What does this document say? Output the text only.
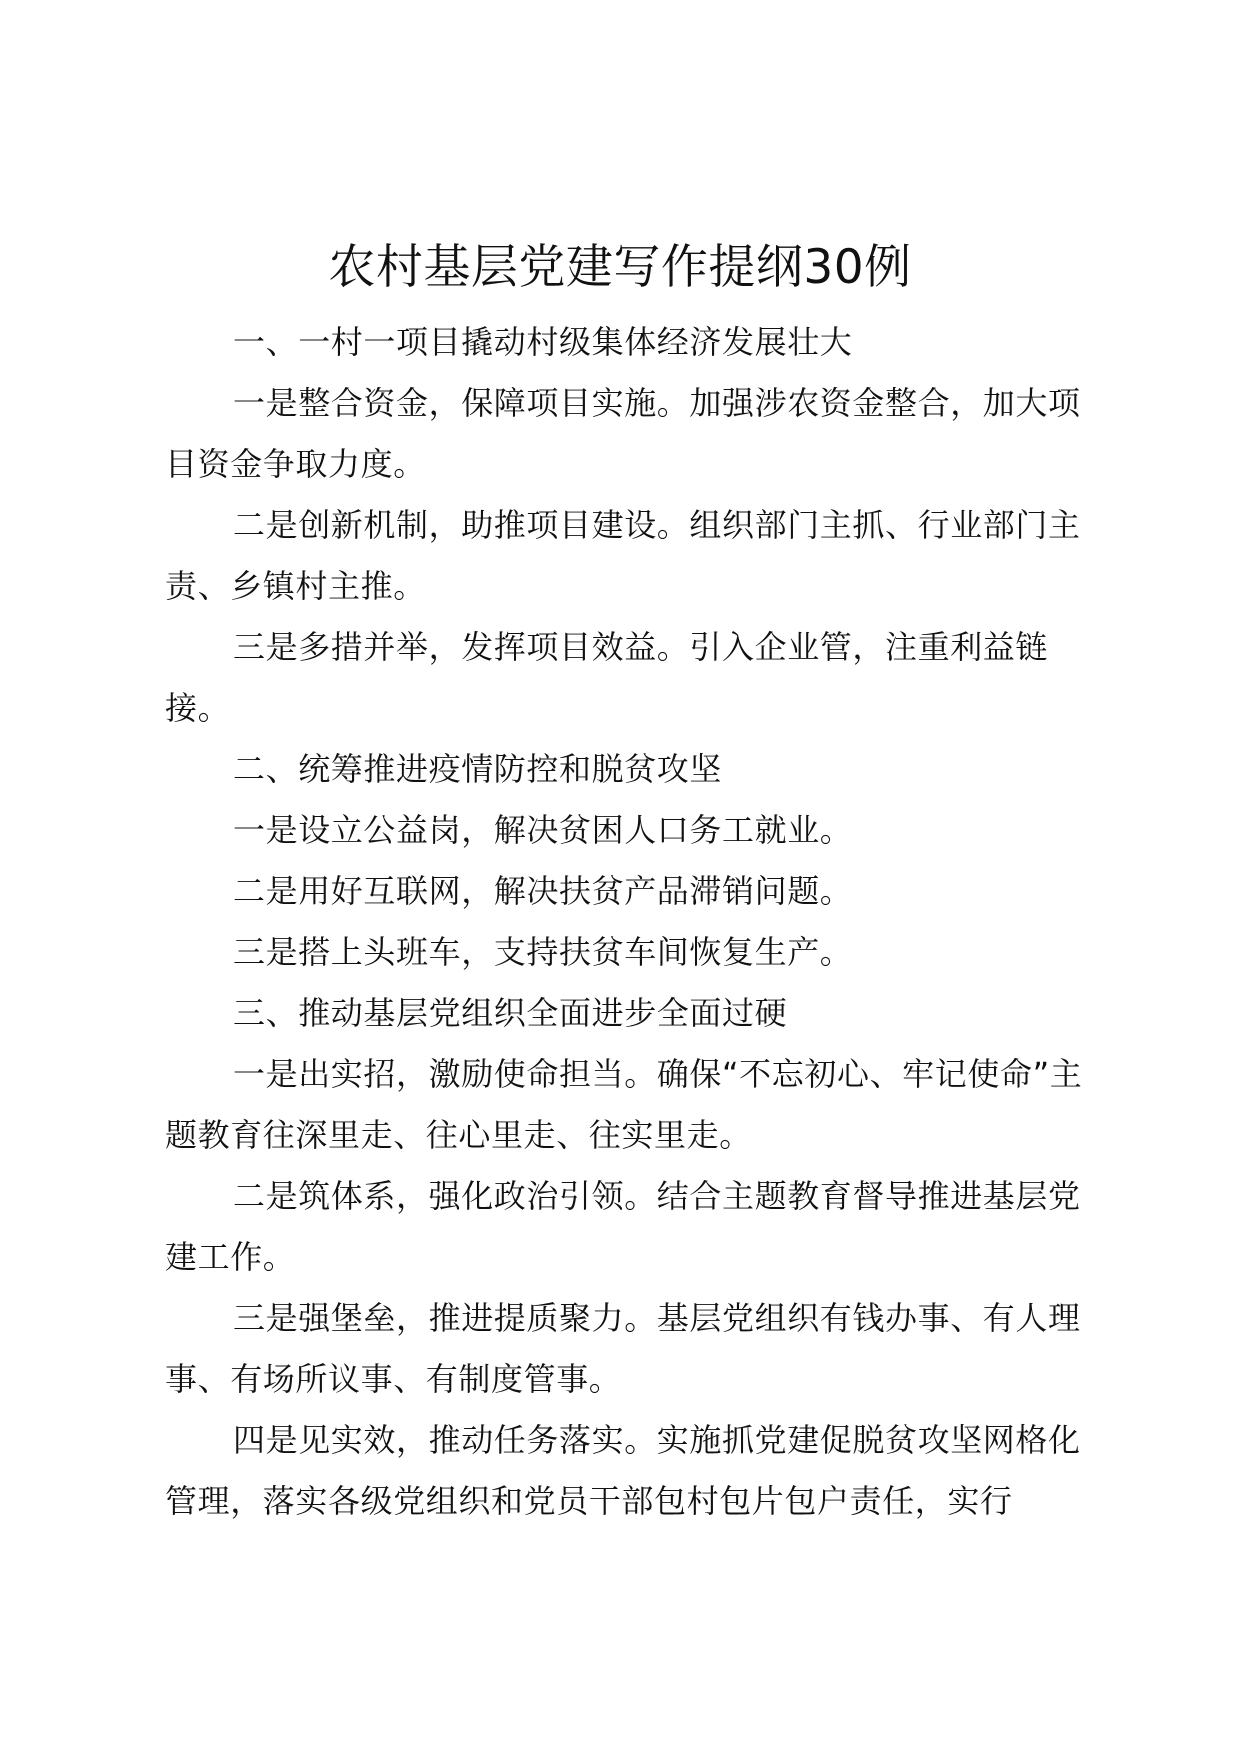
农村基层党建写作提纲30例

一、一村一项目撬动村级集体经济发展壮大

一是整合资金，保障项目实施。加强涉农资金整合，加大项目资金争取力度。

二是创新机制，助推项目建设。组织部门主抓、行业部门主责、乡镇村主推。

三是多措并举，发挥项目效益。引入企业管，注重利益链接。

二、统筹推进疫情防控和脱贫攻坚

一是设立公益岗，解决贫困人口务工就业。

二是用好互联网，解决扶贫产品滞销问题。

三是搭上头班车，支持扶贫车间恢复生产。

三、推动基层党组织全面进步全面过硬

一是出实招，激励使命担当。确保“不忘初心、牢记使命”主题教育往深里走、往心里走、往实里走。

二是筑体系，强化政治引领。结合主题教育督导推进基层党建工作。

三是强堡垒，推进提质聚力。基层党组织有钱办事、有人理事、有场所议事、有制度管事。

四是见实效，推动任务落实。实施抓党建促脱贫攻坚网格化管理，落实各级党组织和党员干部包村包片包户责任，实行
